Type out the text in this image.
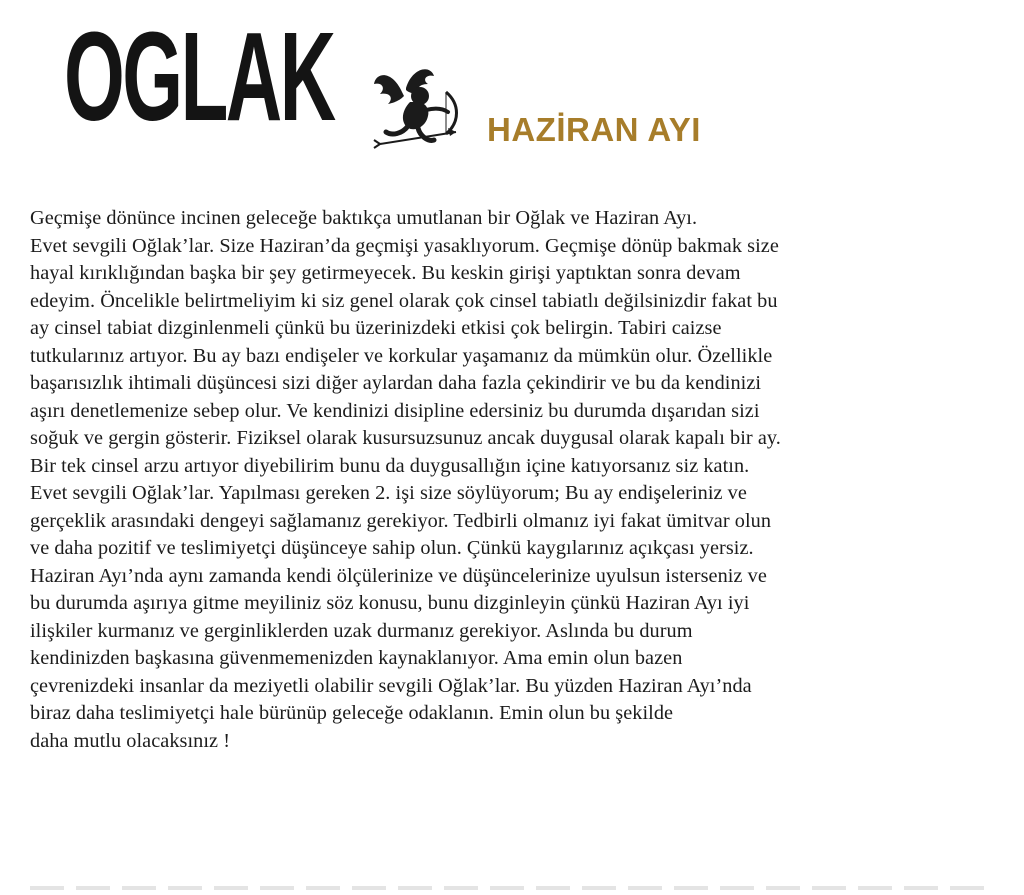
OGLAK	HAZİRAN AYI
Geçmişe dönünce incinen geleceğe baktıkça umutlanan bir Oğlak ve Haziran Ayı.
Evet sevgili Oğlak’lar. Size Haziran’da geçmişi yasaklıyorum. Geçmişe dönüp bakmak size
hayal kırıklığından başka bir şey getirmeyecek. Bu keskin girişi yaptıktan sonra devam
edeyim. Öncelikle belirtmeliyim ki siz genel olarak çok cinsel tabiatlı değilsinizdir fakat bu
ay cinsel tabiat dizginlenmeli çünkü bu üzerinizdeki etkisi çok belirgin. Tabiri caizse
tutkularınız artıyor. Bu ay bazı endişeler ve korkular yaşamanız da mümkün olur. Özellikle
başarısızlık ihtimali düşüncesi sizi diğer aylardan daha fazla çekindirir ve bu da kendinizi
aşırı denetlemenize sebep olur. Ve kendinizi disipline edersiniz bu durumda dışarıdan sizi
soğuk ve gergin gösterir. Fiziksel olarak kusursuzsunuz ancak duygusal olarak kapalı bir ay.
Bir tek cinsel arzu artıyor diyebilirim bunu da duygusallığın içine katıyorsanız siz katın.
Evet sevgili Oğlak’lar. Yapılması gereken 2. işi size söylüyorum; Bu ay endişeleriniz ve
gerçeklik arasındaki dengeyi sağlamanız gerekiyor. Tedbirli olmanız iyi fakat ümitvar olun
ve daha pozitif ve teslimiyetçi düşünceye sahip olun. Çünkü kaygılarınız açıkçası yersiz.
Haziran Ayı’nda aynı zamanda kendi ölçülerinize ve düşüncelerinize uyulsun isterseniz ve
bu durumda aşırıya gitme meyiliniz söz konusu, bunu dizginleyin çünkü Haziran Ayı iyi
ilişkiler kurmanız ve gerginliklerden uzak durmanız gerekiyor. Aslında bu durum
kendinizden başkasına güvenmemenizden kaynaklanıyor. Ama emin olun bazen
çevrenizdeki insanlar da meziyetli olabilir sevgili Oğlak’lar. Bu yüzden Haziran Ayı’nda
biraz daha teslimiyetçi hale bürünüp geleceğe odaklanın. Emin olun bu şekilde
daha mutlu olacaksınız !
